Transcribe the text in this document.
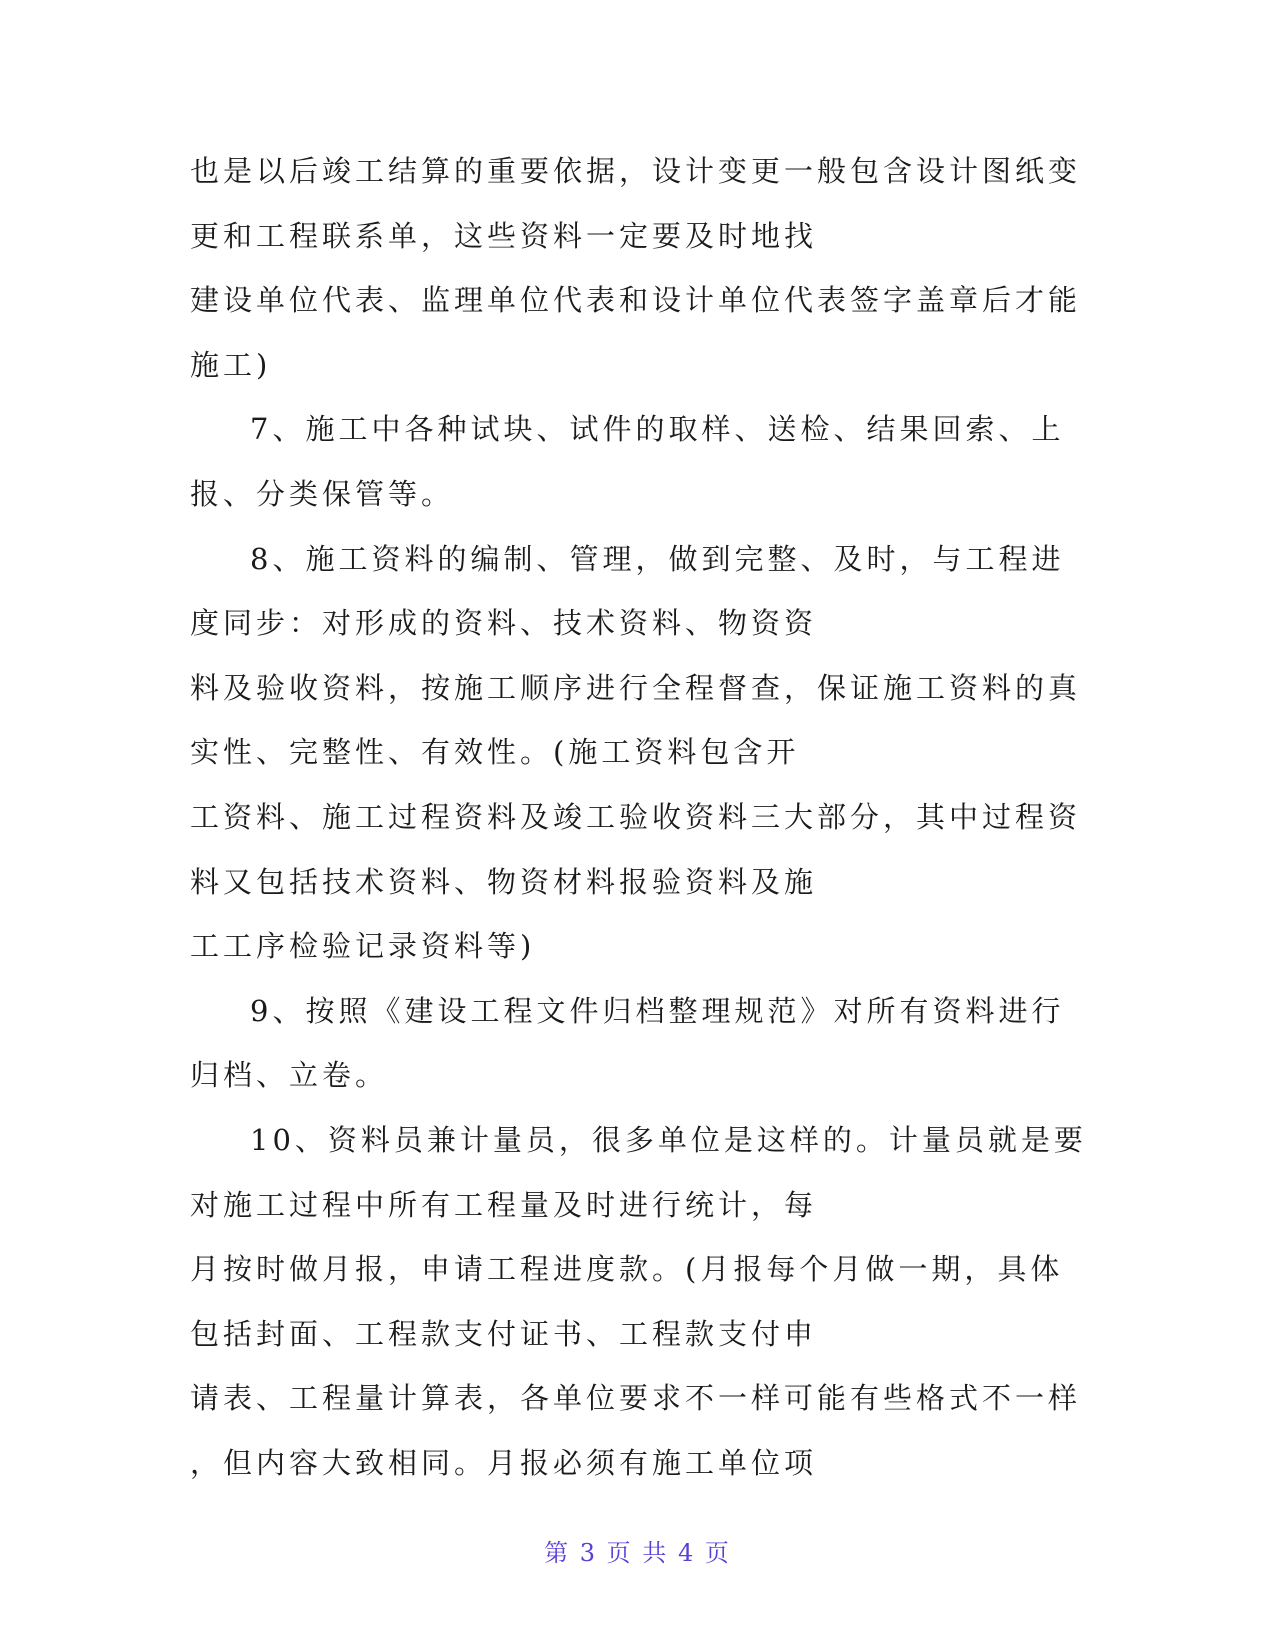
也是以后竣工结算的重要依据，设计变更一般包含设计图纸变
更和工程联系单，这些资料一定要及时地找
建设单位代表、监理单位代表和设计单位代表签字盖章后才能
施工)
7、施工中各种试块、试件的取样、送检、结果回索、上
报、分类保管等。
8、施工资料的编制、管理，做到完整、及时，与工程进
度同步：对形成的资料、技术资料、物资资
料及验收资料，按施工顺序进行全程督查，保证施工资料的真
实性、完整性、有效性。(施工资料包含开
工资料、施工过程资料及竣工验收资料三大部分，其中过程资
料又包括技术资料、物资材料报验资料及施
工工序检验记录资料等)
9、按照《建设工程文件归档整理规范》对所有资料进行
归档、立卷。
10、资料员兼计量员，很多单位是这样的。计量员就是要
对施工过程中所有工程量及时进行统计，每
月按时做月报，申请工程进度款。(月报每个月做一期，具体
包括封面、工程款支付证书、工程款支付申
请表、工程量计算表，各单位要求不一样可能有些格式不一样
，但内容大致相同。月报必须有施工单位项
第 3 页 共 4 页
